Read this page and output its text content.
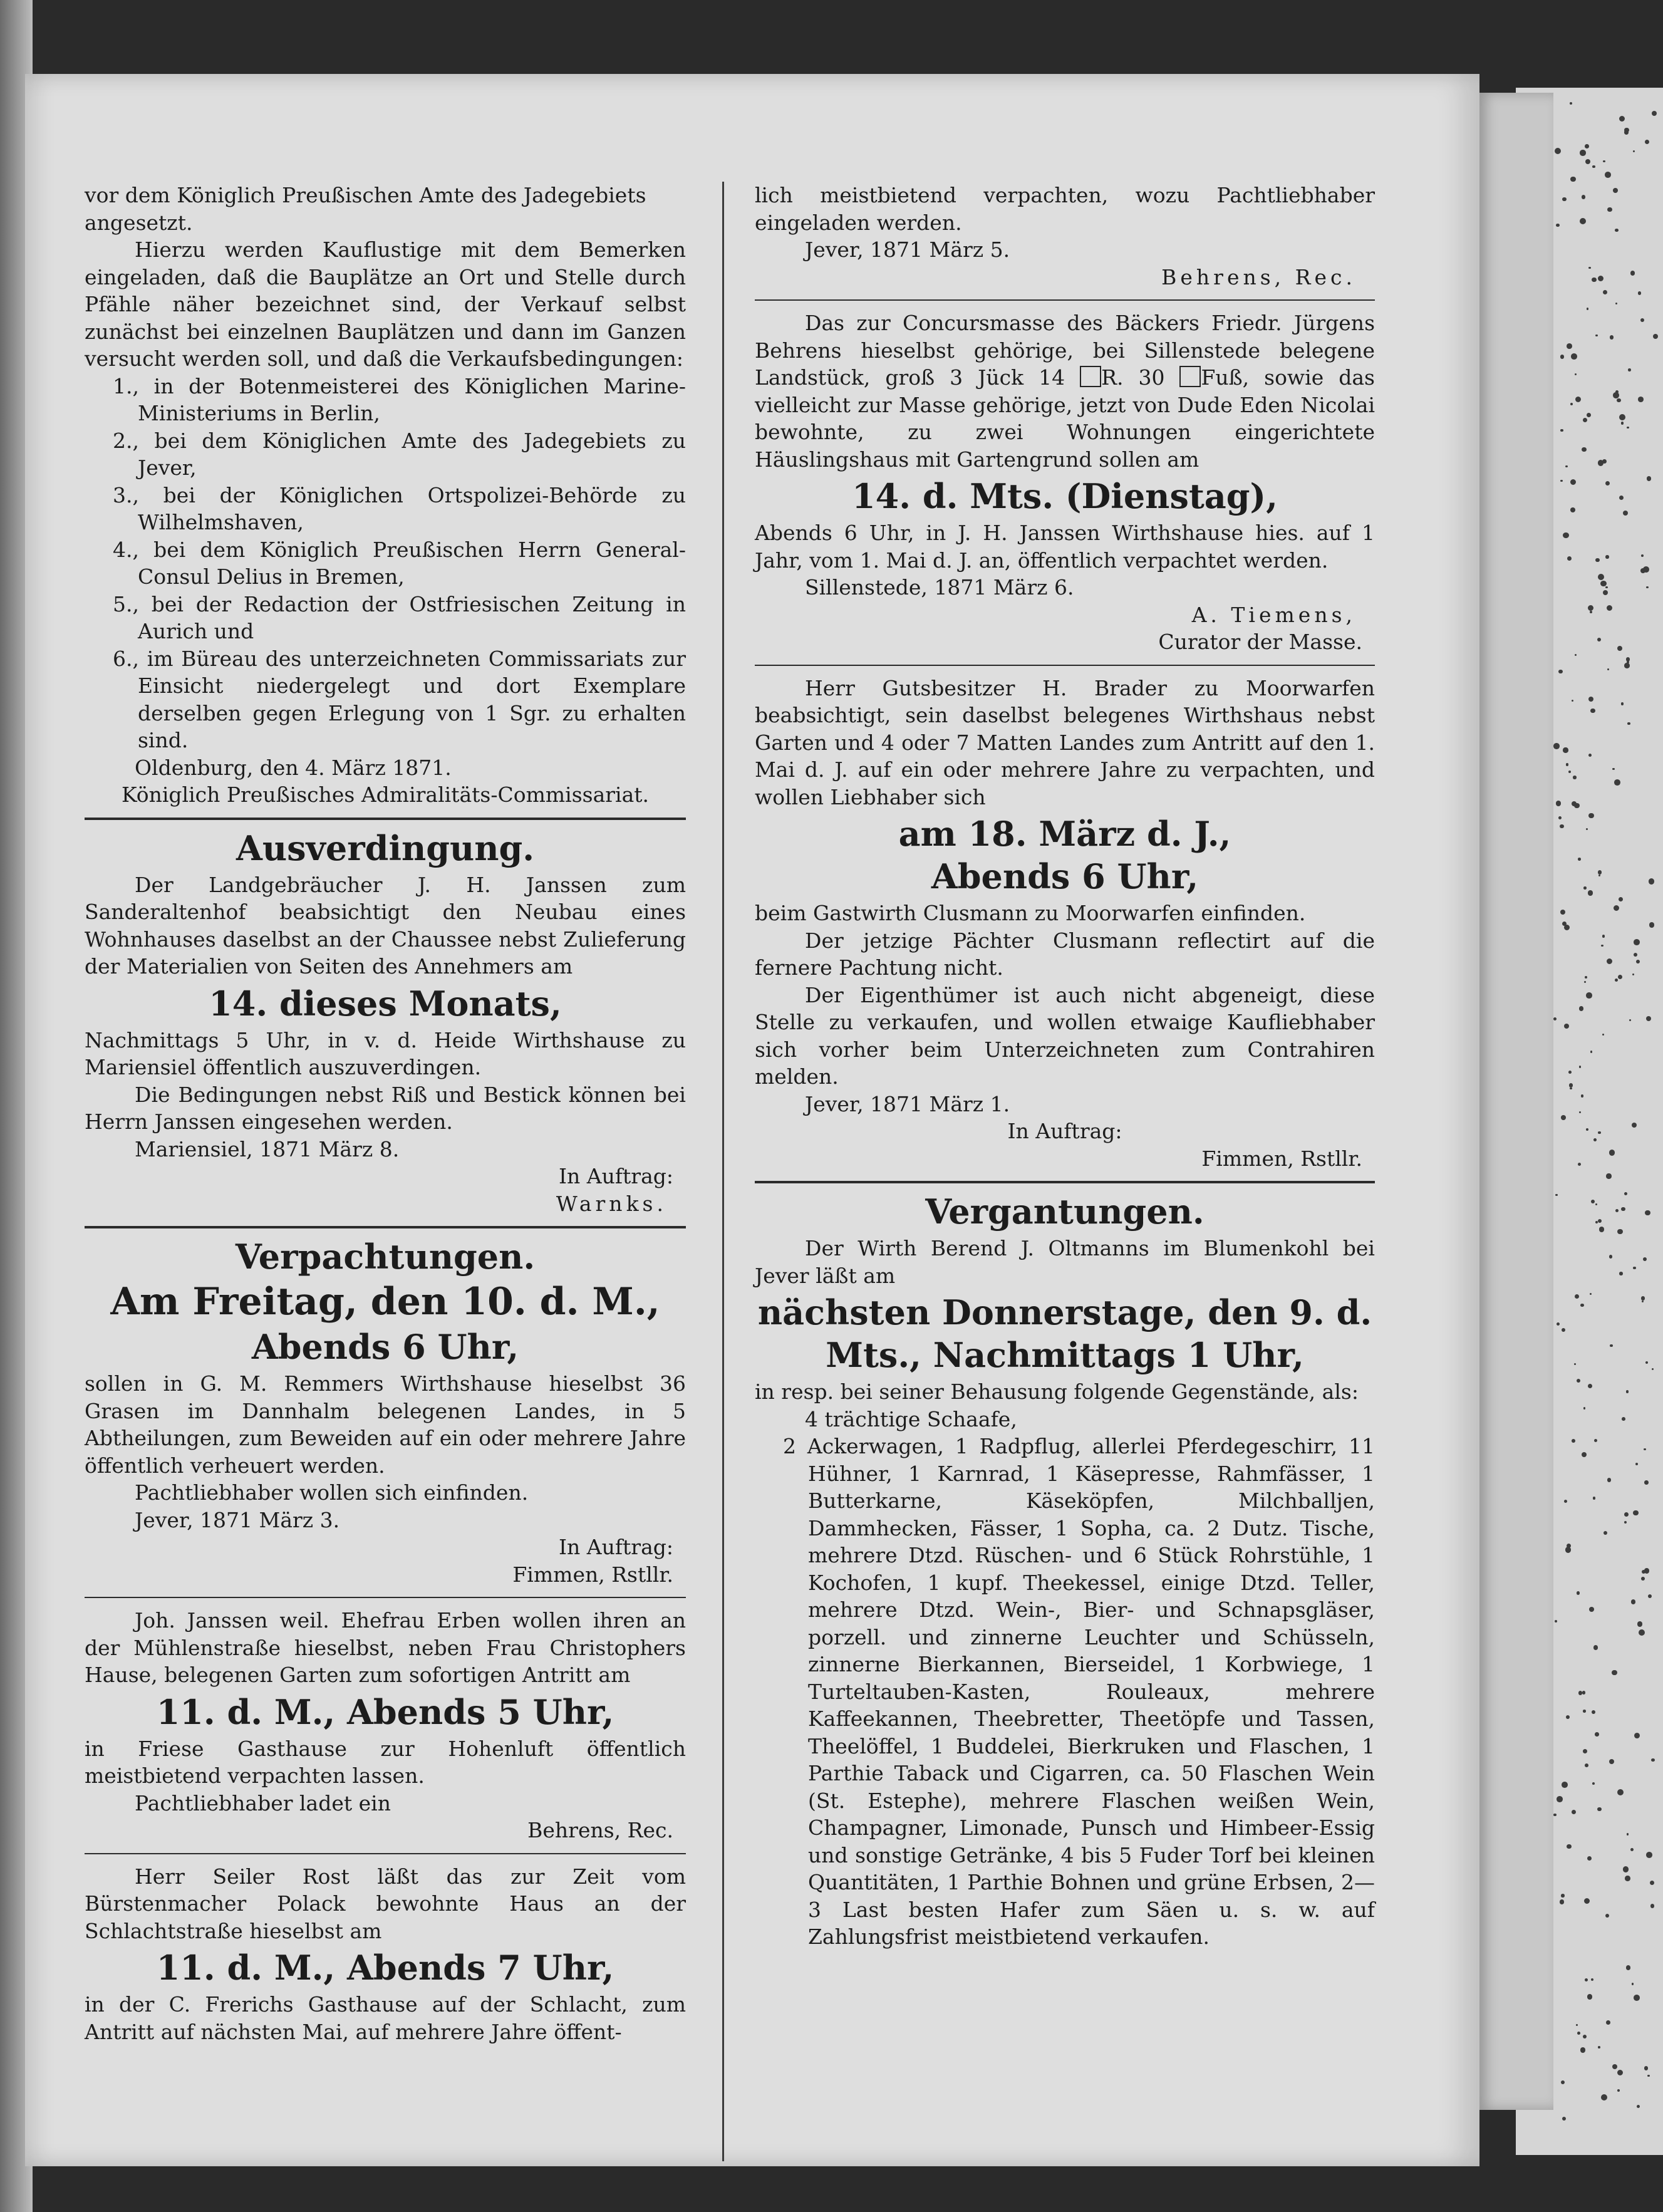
vor dem Königlich Preußischen Amte des Jadegebiets

angesetzt.

Hierzu werden Kauflustige mit dem Bemerken eingeladen, daß die Bauplätze an Ort und Stelle durch Pfähle näher bezeichnet sind, der Verkauf selbst zunächst bei einzelnen Bauplätzen und dann im Ganzen versucht werden soll, und daß die Verkaufsbedingungen:

1., in der Botenmeisterei des Königlichen Marine-Ministeriums in Berlin,

2., bei dem Königlichen Amte des Jadegebiets zu Jever,

3., bei der Königlichen Ortspolizei-Behörde zu Wilhelmshaven,

4., bei dem Königlich Preußischen Herrn General-Consul Delius in Bremen,

5., bei der Redaction der Ostfriesischen Zeitung in Aurich und

6., im Büreau des unterzeichneten Commissariats zur Einsicht niedergelegt und dort Exemplare derselben gegen Erlegung von 1 Sgr. zu erhalten sind.

Oldenburg, den 4. März 1871.

Königlich Preußisches Admiralitäts-Commissariat.

Ausverdingung.

Der Landgebräucher J. H. Janssen zum Sanderaltenhof beabsichtigt den Neubau eines Wohnhauses daselbst an der Chaussee nebst Zulieferung der Materialien von Seiten des Annehmers am

14. dieses Monats,

Nachmittags 5 Uhr, in v. d. Heide Wirthshause zu Mariensiel öffentlich auszuverdingen.

Die Bedingungen nebst Riß und Bestick können bei Herrn Janssen eingesehen werden.

Mariensiel, 1871 März 8.

In Auftrag:

Warnks.

Verpachtungen.
Am Freitag, den 10. d. M.,
Abends 6 Uhr,

sollen in G. M. Remmers Wirthshause hieselbst 36 Grasen im Dannhalm belegenen Landes, in 5 Abtheilungen, zum Beweiden auf ein oder mehrere Jahre öffentlich verheuert werden.

Pachtliebhaber wollen sich einfinden.

Jever, 1871 März 3.

In Auftrag:

Fimmen, Rstllr.

Joh. Janssen weil. Ehefrau Erben wollen ihren an der Mühlenstraße hieselbst, neben Frau Christophers Hause, belegenen Garten zum sofortigen Antritt am

11. d. M., Abends 5 Uhr,

in Friese Gasthause zur Hohenluft öffentlich meistbietend verpachten lassen.

Pachtliebhaber ladet ein

Behrens, Rec.

Herr Seiler Rost läßt das zur Zeit vom Bürstenmacher Polack bewohnte Haus an der Schlachtstraße hieselbst am

11. d. M., Abends 7 Uhr,

in der C. Frerichs Gasthause auf der Schlacht, zum Antritt auf nächsten Mai, auf mehrere Jahre öffent-

lich meistbietend verpachten, wozu Pachtliebhaber eingeladen werden.

Jever, 1871 März 5.

Behrens, Rec.

Das zur Concursmasse des Bäckers Friedr. Jürgens Behrens hieselbst gehörige, bei Sillenstede belegene Landstück, groß 3 Jück 14 R. 30 Fuß, sowie das vielleicht zur Masse gehörige, jetzt von Dude Eden Nicolai bewohnte, zu zwei Wohnungen eingerichtete Häuslingshaus mit Gartengrund sollen am

14. d. Mts. (Dienstag),

Abends 6 Uhr, in J. H. Janssen Wirthshause hies. auf 1 Jahr, vom 1. Mai d. J. an, öffentlich verpachtet werden.

Sillenstede, 1871 März 6.

A. Tiemens,

Curator der Masse.

Herr Gutsbesitzer H. Brader zu Moorwarfen beabsichtigt, sein daselbst belegenes Wirthshaus nebst Garten und 4 oder 7 Matten Landes zum Antritt auf den 1. Mai d. J. auf ein oder mehrere Jahre zu verpachten, und wollen Liebhaber sich

am 18. März d. J.,
Abends 6 Uhr,

beim Gastwirth Clusmann zu Moorwarfen einfinden.

Der jetzige Pächter Clusmann reflectirt auf die fernere Pachtung nicht.

Der Eigenthümer ist auch nicht abgeneigt, diese Stelle zu verkaufen, und wollen etwaige Kaufliebhaber sich vorher beim Unterzeichneten zum Contrahiren melden.

Jever, 1871 März 1.

In Auftrag:

Fimmen, Rstllr.

Vergantungen.

Der Wirth Berend J. Oltmanns im Blumenkohl bei Jever läßt am

nächsten Donnerstage, den 9. d.
Mts., Nachmittags 1 Uhr,

in resp. bei seiner Behausung folgende Gegenstände, als:

4 trächtige Schaafe,

2 Ackerwagen, 1 Radpflug, allerlei Pferdegeschirr, 11 Hühner, 1 Karnrad, 1 Käsepresse, Rahmfässer, 1 Butterkarne, Käseköpfen, Milchballjen, Dammhecken, Fässer, 1 Sopha, ca. 2 Dutz. Tische, mehrere Dtzd. Rüschen- und 6 Stück Rohrstühle, 1 Kochofen, 1 kupf. Theekessel, einige Dtzd. Teller, mehrere Dtzd. Wein-, Bier- und Schnapsgläser, porzell. und zinnerne Leuchter und Schüsseln, zinnerne Bierkannen, Bierseidel, 1 Korbwiege, 1 Turteltauben-Kasten, Rouleaux, mehrere Kaffeekannen, Theebretter, Theetöpfe und Tassen, Theelöffel, 1 Buddelei, Bierkruken und Flaschen, 1 Parthie Taback und Cigarren, ca. 50 Flaschen Wein (St. Estephe), mehrere Flaschen weißen Wein, Champagner, Limonade, Punsch und Himbeer-Essig und sonstige Getränke, 4 bis 5 Fuder Torf bei kleinen Quantitäten, 1 Parthie Bohnen und grüne Erbsen, 2—3 Last besten Hafer zum Säen u. s. w. auf Zahlungsfrist meistbietend verkaufen.
